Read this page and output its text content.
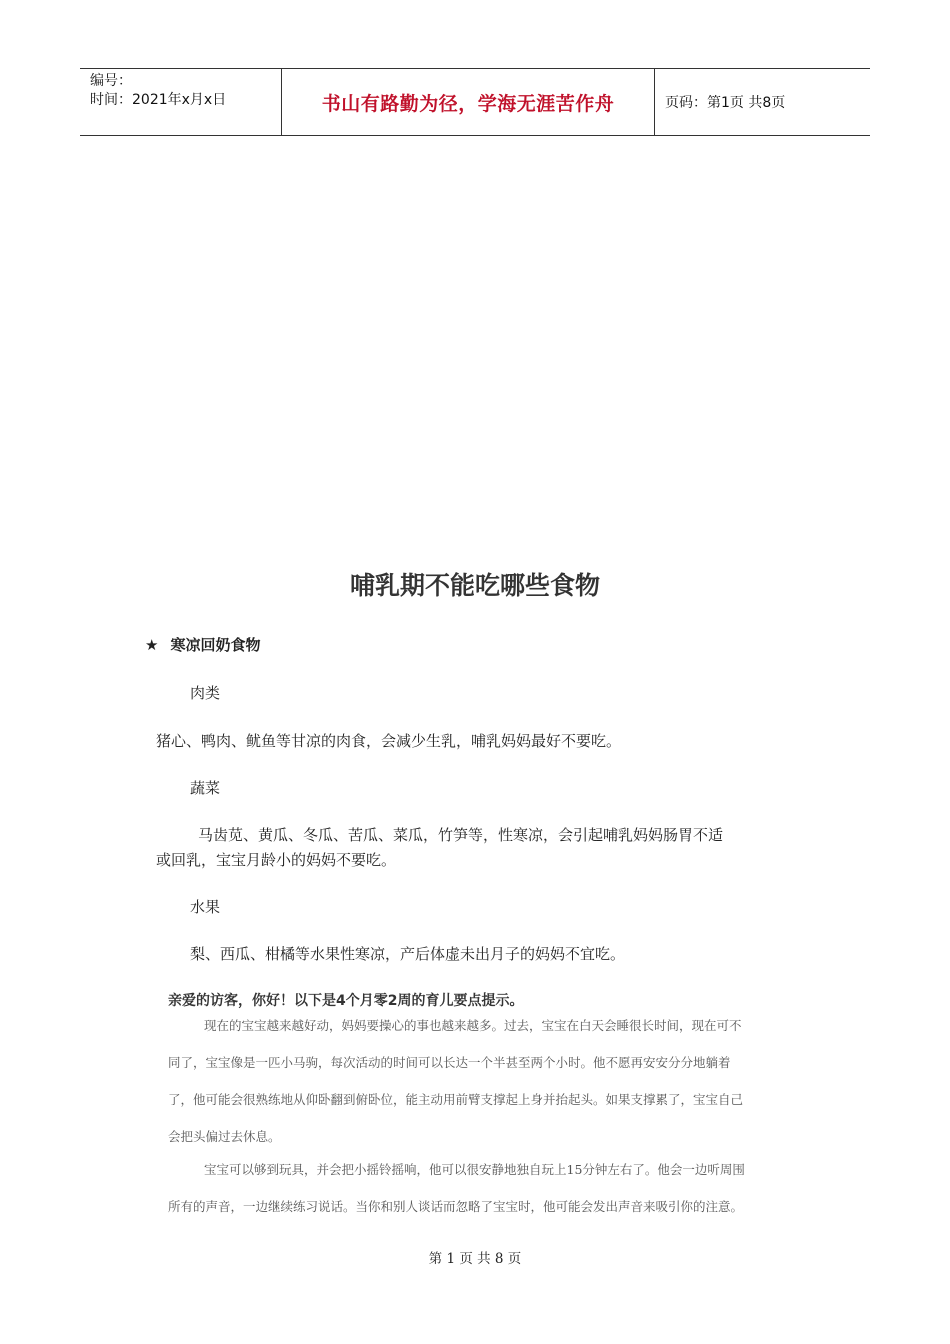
编号：
时间：2021年x月x日	书山有路勤为径，学海无涯苦作舟	页码：第1页 共8页
哺乳期不能吃哪些食物
★ 寒凉回奶食物
肉类
猪心、鸭肉、鱿鱼等甘凉的肉食，会减少生乳，哺乳妈妈最好不要吃。
蔬菜
马齿苋、黄瓜、冬瓜、苦瓜、菜瓜，竹笋等，性寒凉，会引起哺乳妈妈肠胃不适
或回乳，宝宝月龄小的妈妈不要吃。
水果
梨、西瓜、柑橘等水果性寒凉，产后体虚未出月子的妈妈不宜吃。
亲爱的访客，你好！以下是4个月零2周的育儿要点提示。
现在的宝宝越来越好动，妈妈要操心的事也越来越多。过去，宝宝在白天会睡很长时间，现在可不
同了，宝宝像是一匹小马驹，每次活动的时间可以长达一个半甚至两个小时。他不愿再安安分分地躺着
了，他可能会很熟练地从仰卧翻到俯卧位，能主动用前臂支撑起上身并抬起头。如果支撑累了，宝宝自己
会把头偏过去休息。
宝宝可以够到玩具，并会把小摇铃摇响，他可以很安静地独自玩上15分钟左右了。他会一边听周围
所有的声音，一边继续练习说话。当你和别人谈话而忽略了宝宝时，他可能会发出声音来吸引你的注意。
第 1 页 共 8 页
